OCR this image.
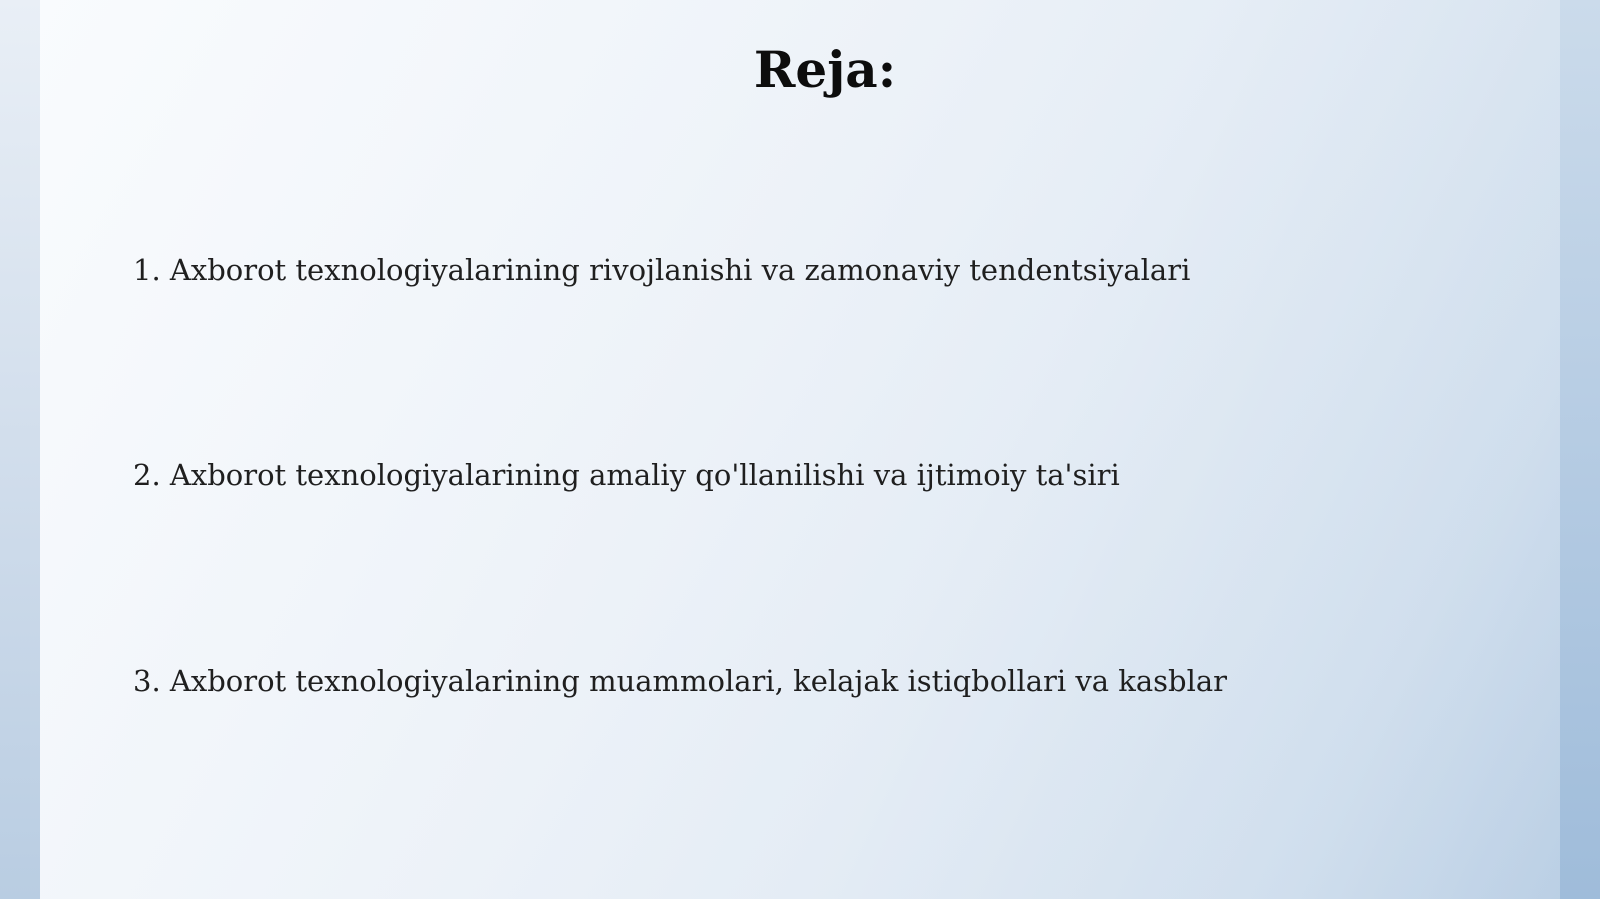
Reja:
1. Axborot texnologiyalarining rivojlanishi va zamonaviy tendentsiyalari
2. Axborot texnologiyalarining amaliy qo'llanilishi va ijtimoiy ta'siri
3. Axborot texnologiyalarining muammolari, kelajak istiqbollari va kasblar
